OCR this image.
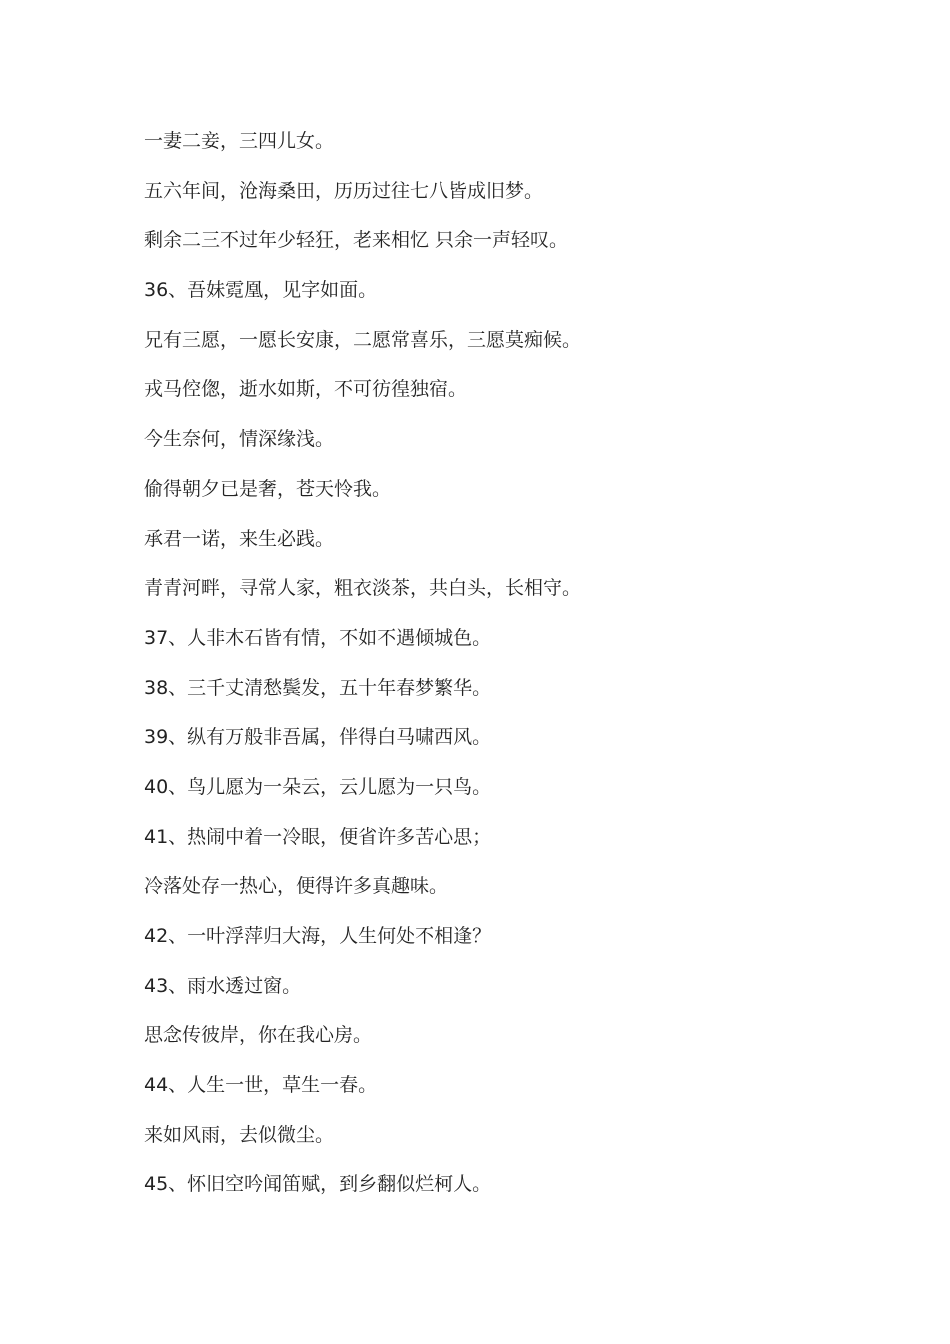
一妻二妾，三四儿女。
五六年间，沧海桑田，历历过往七八皆成旧梦。
剩余二三不过年少轻狂，老来相忆 只余一声轻叹。
36、吾妹霓凰，见字如面。
兄有三愿，一愿长安康，二愿常喜乐，三愿莫痴候。
戎马倥偬，逝水如斯，不可彷徨独宿。
今生奈何，情深缘浅。
偷得朝夕已是奢，苍天怜我。
承君一诺，来生必践。
青青河畔，寻常人家，粗衣淡茶，共白头，长相守。
37、人非木石皆有情，不如不遇倾城色。
38、三千丈清愁鬓发，五十年春梦繁华。
39、纵有万般非吾属，伴得白马啸西风。
40、鸟儿愿为一朵云，云儿愿为一只鸟。
41、热闹中着一冷眼，便省许多苦心思；
冷落处存一热心，便得许多真趣味。
42、一叶浮萍归大海，人生何处不相逢？
43、雨水透过窗。
思念传彼岸，你在我心房。
44、人生一世，草生一春。
来如风雨，去似微尘。
45、怀旧空吟闻笛赋，到乡翻似烂柯人。
